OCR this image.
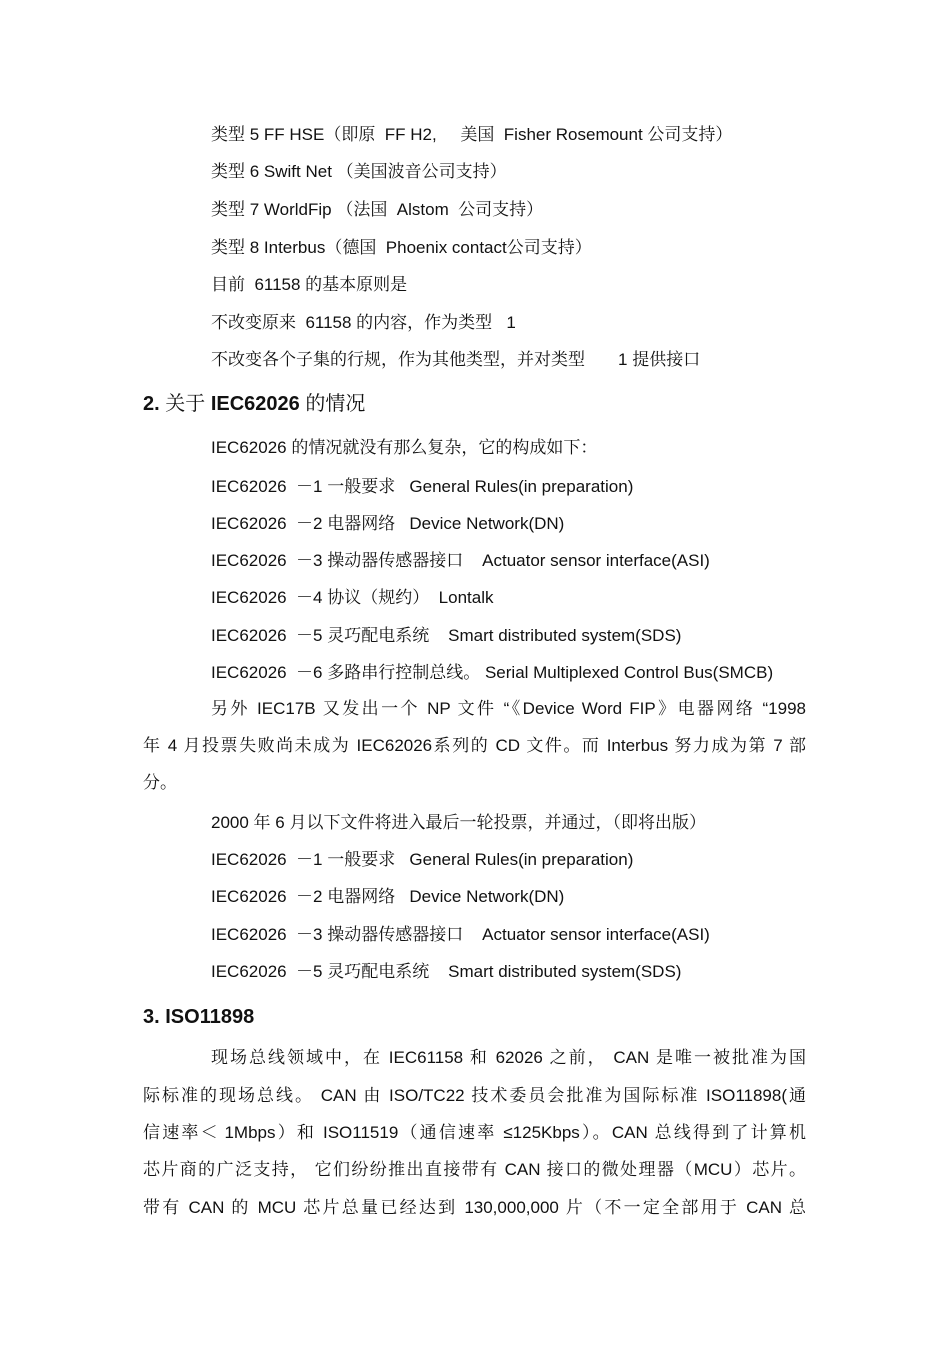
类型 5 FF HSE（即原  FF H2,     美国  Fisher Rosemount 公司支持）
类型 6 Swift Net （美国波音公司支持）
类型 7 WorldFip （法国  Alstom  公司支持）
类型 8 Interbus（德国  Phoenix contact公司支持）
目前  61158 的基本原则是
不改变原来  61158 的内容，作为类型   1
不改变各个子集的行规，作为其他类型，并对类型       1 提供接口
2. 关于 IEC62026 的情况
IEC62026 的情况就没有那么复杂，它的构成如下：
IEC62026  －1 一般要求   General Rules(in preparation)
IEC62026  －2 电器网络   Device Network(DN)
IEC62026  －3 操动器传感器接口    Actuator sensor interface(ASI)
IEC62026  －4 协议（规约）  Lontalk
IEC62026  －5 灵巧配电系统    Smart distributed system(SDS)
IEC62026  －6 多路串行控制总线。 Serial Multiplexed Control Bus(SMCB)
另外 IEC17B 又发出一个 NP 文件 “《Device Word FIP》电器网络 “1998
年 4 月投票失败尚未成为 IEC62026系列的 CD 文件。而 Interbus 努力成为第 7 部
分。
2000 年 6 月以下文件将进入最后一轮投票，并通过，（即将出版）
IEC62026  －1 一般要求   General Rules(in preparation)
IEC62026  －2 电器网络   Device Network(DN)
IEC62026  －3 操动器传感器接口    Actuator sensor interface(ASI)
IEC62026  －5 灵巧配电系统    Smart distributed system(SDS)
3. ISO11898
现场总线领域中，在 IEC61158 和 62026 之前， CAN 是唯一被批准为国
际标准的现场总线。 CAN 由 ISO/TC22 技术委员会批准为国际标准 ISO11898(通
信速率＜ 1Mbps）和 ISO11519（通信速率 ≤125Kbps）。CAN 总线得到了计算机
芯片商的广泛支持， 它们纷纷推出直接带有 CAN 接口的微处理器（MCU）芯片。
带有 CAN 的 MCU 芯片总量已经达到 130,000,000 片（不一定全部用于 CAN 总
